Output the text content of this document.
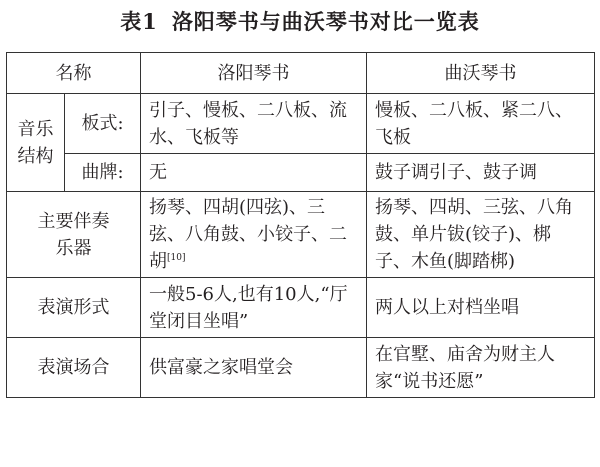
表1 洛阳琴书与曲沃琴书对比一览表
名称		洛阳琴书	曲沃琴书

音乐
结构	板式:	引子、慢板、二八板、流水、飞板等	慢板、二八板、紧二八、飞板
	曲牌:	无	鼓子调引子、鼓子调

主要伴奏
乐器		扬琴、四胡(四弦)、三弦、八角鼓、小铰子、二胡[10]	扬琴、四胡、三弦、八角鼓、单片钹(铰子)、梆子、木鱼(脚踏梆)
表演形式		一般5-6人,也有10人,“厅堂闭目坐唱”	两人以上对档坐唱
表演场合		供富豪之家唱堂会	在官墅、庙舍为财主人家“说书还愿”
